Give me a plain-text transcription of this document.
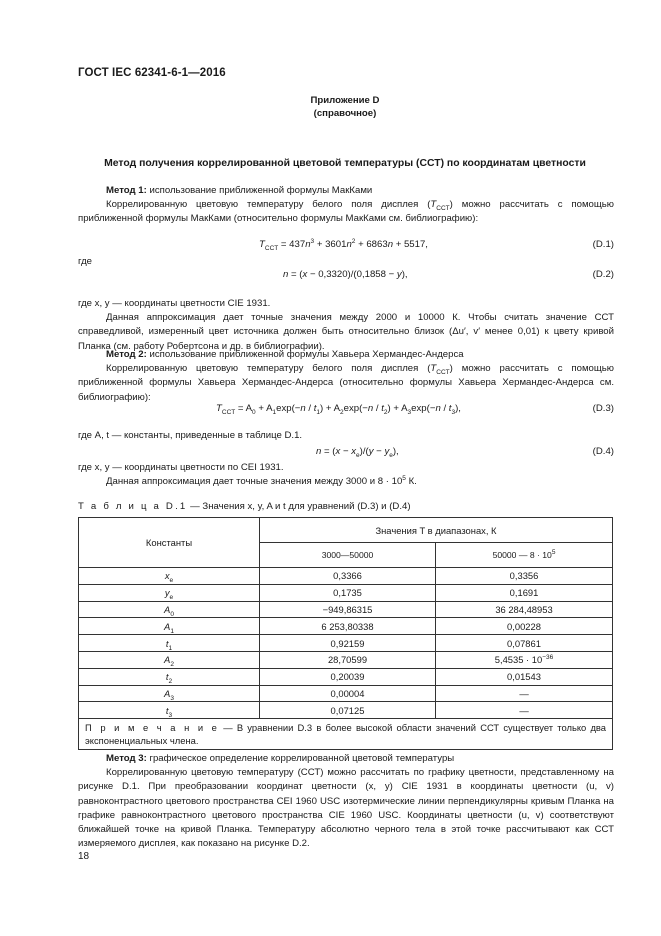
ГОСТ IEC 62341-6-1—2016
Приложение D
(справочное)
Метод получения коррелированной цветовой температуры (ССТ) по координатам цветности

Метод 1: использование приближенной формулы МакКами

Коррелированную цветовую температуру белого поля дисплея $(T_{CCT})$ можно рассчитать с помощью приближенной формулы МакКами (относительно формулы МакКами см. библиографию):

$T_{CCT} = 437n^3 + 3601n^2 + 6863n + 5517$,	(D.1)
где
n = (x − 0,3320)/(0,1858 − y),	(D.2)

где x, y — координаты цветности CIE 1931.

Данная аппроксимация дает точные значения между 2000 и 10000 К. Чтобы считать значение ССТ справедливой, измеренный цвет источника должен быть относительно близок (Δu′, v′ менее 0,01) к цвету кривой Планка (см. работу Робертсона и др. в библиографии).

Метод 2: использование приближенной формулы Хавьера Хермандес-Андерса

Коррелированную цветовую температуру белого поля дисплея $(T_{CCT})$ можно рассчитать с помощью приближенной формулы Хавьера Хермандес-Андерса (относительно формулы Хавьера Хермандес-Андерса см. библиографию):

$T_{CCT} = A_0 + A_1\exp(-n / t_1) + A_2\exp(-n / t_2) + A_3\exp(-n / t_3)$,	(D.3)
где A, t — константы, приведенные в таблице D.1.
$n = (x - x_e)/(y - y_e)$,	(D.4)
где x, y — координаты цветности по CEI 1931.
Данная аппроксимация дает точные значения между 3000 и $8 \cdot 10^5$ К.
Т а б л и ц а D.1 — Значения x, y, A и t для уравнений (D.3) и (D.4)
Константы	Значения T в диапазонах, К	
	3000—50000	50000 — $8 \cdot 10^5$
$x_e$	0,3366	0,3356
$y_e$	0,1735	0,1691
$A_0$	−949,86315	36 284,48953
$A_1$	6 253,80338	0,00228
$t_1$	0,92159	0,07861
$A_2$	28,70599	$5,4535 \cdot 10^{-36}$
$t_2$	0,20039	0,01543
$A_3$	0,00004	—
$t_3$	0,07125	—
П р и м е ч а н и е — В уравнении D.3 в более высокой области значений ССТ существует только два экспоненциальных члена.		

Метод 3: графическое определение коррелированной цветовой температуры

Коррелированную цветовую температуру (ССТ) можно рассчитать по графику цветности, представленному на рисунке D.1. При преобразовании координат цветности (x, y) CIE 1931 в координаты цветности (u, v) равноконтрастного цветового пространства CEI 1960 USC изотермические линии перпендикулярны кривым Планка на графике равноконтрастного цветового пространства CIE 1960 USC. Координаты цветности (u, v) соответствуют ближайшей точке на кривой Планка. Температуру абсолютно черного тела в этой точке рассчитывают как ССТ измеряемого дисплея, как показано на рисунке D.2.

18
